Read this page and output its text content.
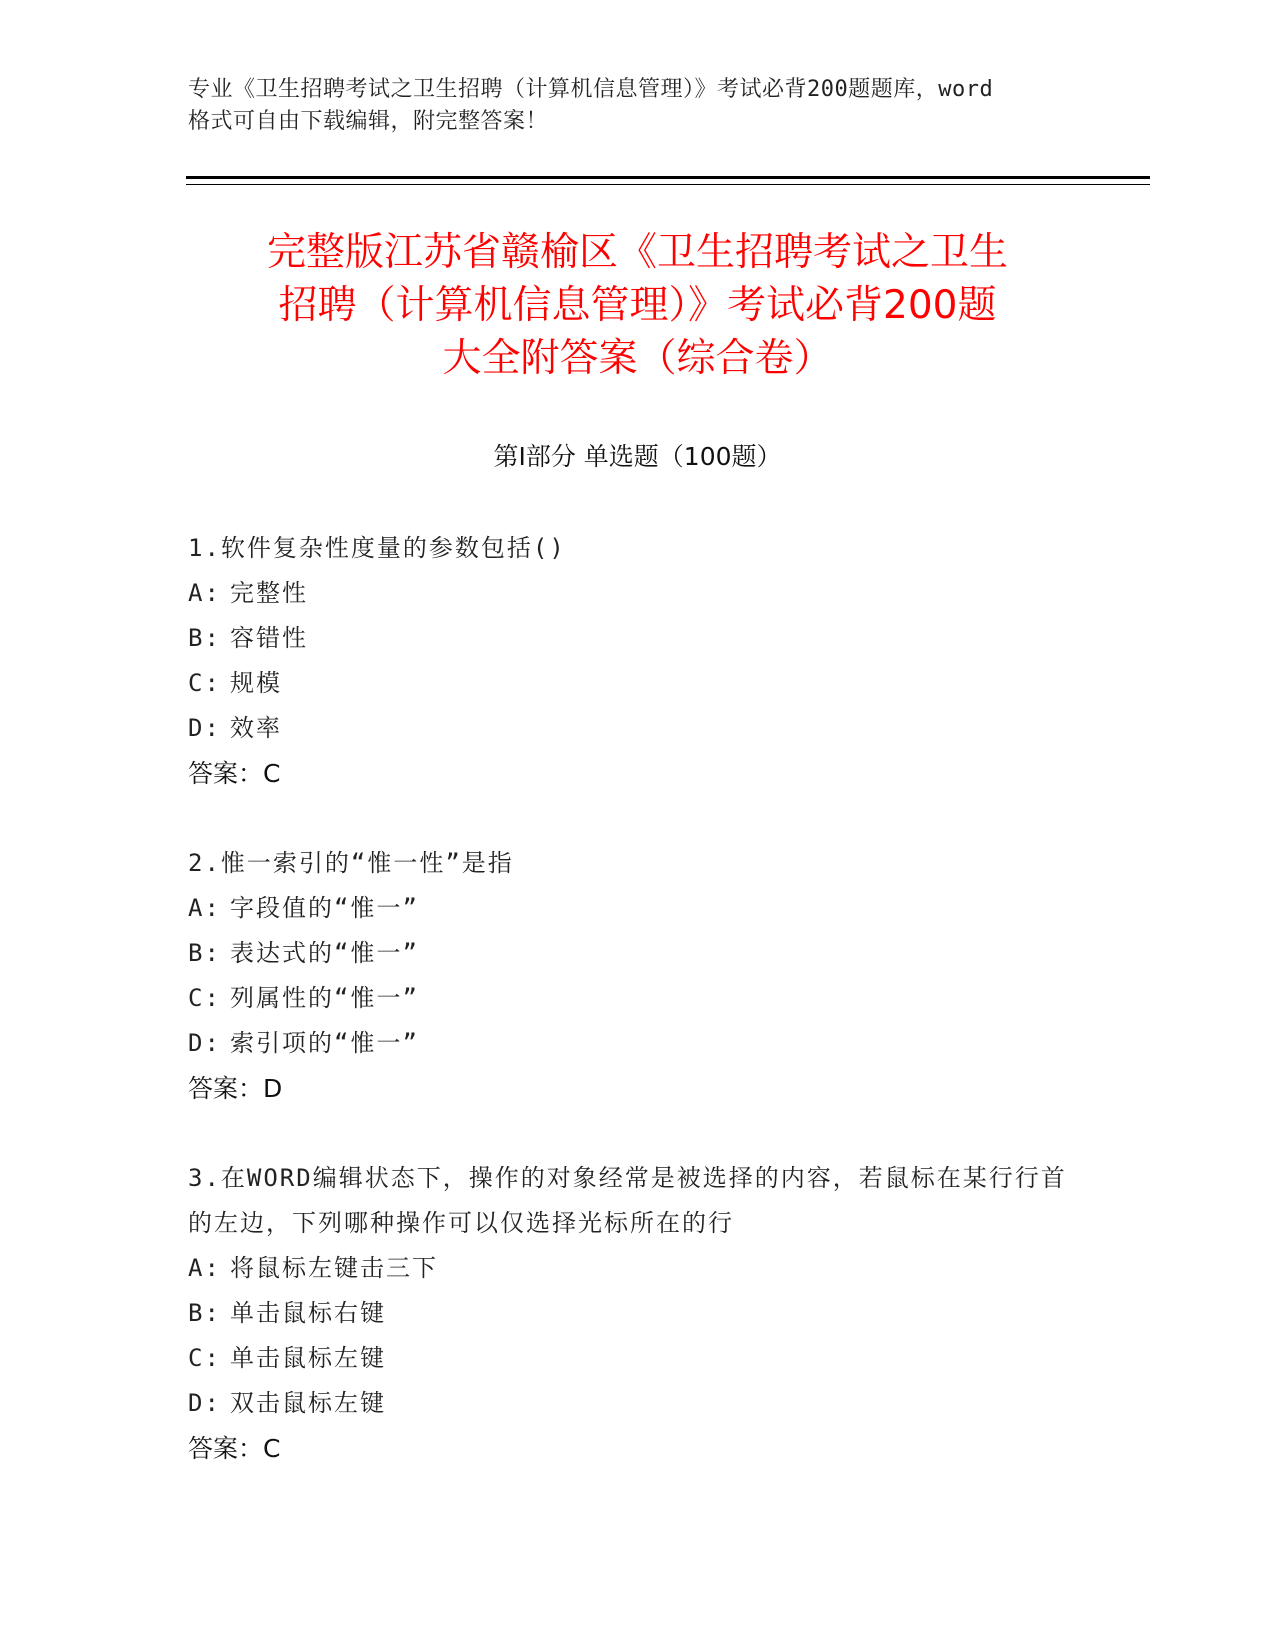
专业《卫生招聘考试之卫生招聘（计算机信息管理）》考试必背200题题库，word
格式可自由下载编辑，附完整答案！
完整版江苏省赣榆区《卫生招聘考试之卫生
招聘（计算机信息管理）》考试必背200题
大全附答案（综合卷）
第Ⅰ部分 单选题（100题）
1.软件复杂性度量的参数包括()
A: 完整性
B: 容错性
C: 规模
D: 效率
答案：C
2.惟一索引的“惟一性”是指
A: 字段值的“惟一”
B: 表达式的“惟一”
C: 列属性的“惟一”
D: 索引项的“惟一”
答案：D
3.在WORD编辑状态下，操作的对象经常是被选择的内容，若鼠标在某行行首的左边，下列哪种操作可以仅选择光标所在的行
A: 将鼠标左键击三下
B: 单击鼠标右键
C: 单击鼠标左键
D: 双击鼠标左键
答案：C
